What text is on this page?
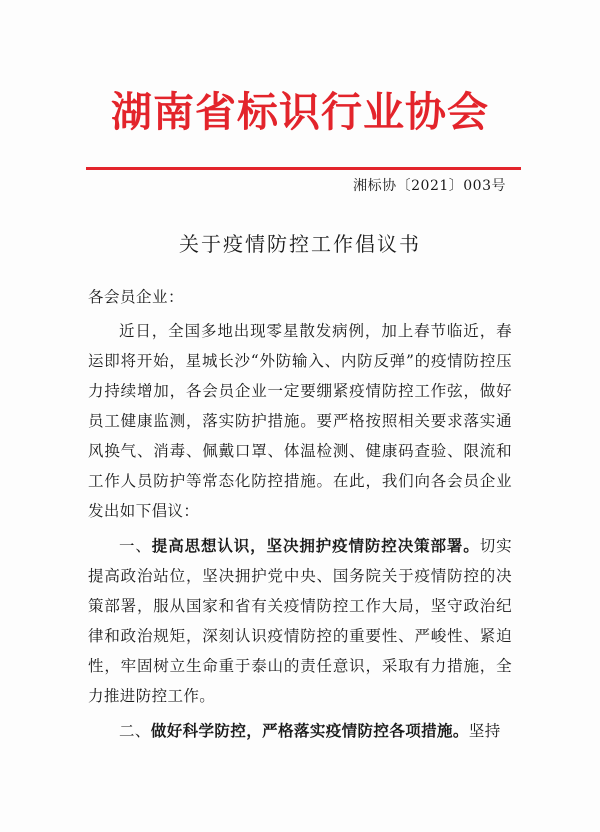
湖南省标识行业协会
湘标协〔2021〕003号
关于疫情防控工作倡议书
各会员企业：

近日，全国多地出现零星散发病例，加上春节临近，春运即将开始，星城长沙“外防输入、内防反弹”的疫情防控压力持续增加，各会员企业一定要绷紧疫情防控工作弦，做好员工健康监测，落实防护措施。要严格按照相关要求落实通风换气、消毒、佩戴口罩、体温检测、健康码查验、限流和工作人员防护等常态化防控措施。在此，我们向各会员企业发出如下倡议：

一、提高思想认识，坚决拥护疫情防控决策部署。切实提高政治站位，坚决拥护党中央、国务院关于疫情防控的决策部署，服从国家和省有关疫情防控工作大局，坚守政治纪律和政治规矩，深刻认识疫情防控的重要性、严峻性、紧迫性，牢固树立生命重于泰山的责任意识，采取有力措施，全力推进防控工作。

二、做好科学防控，严格落实疫情防控各项措施。坚持
